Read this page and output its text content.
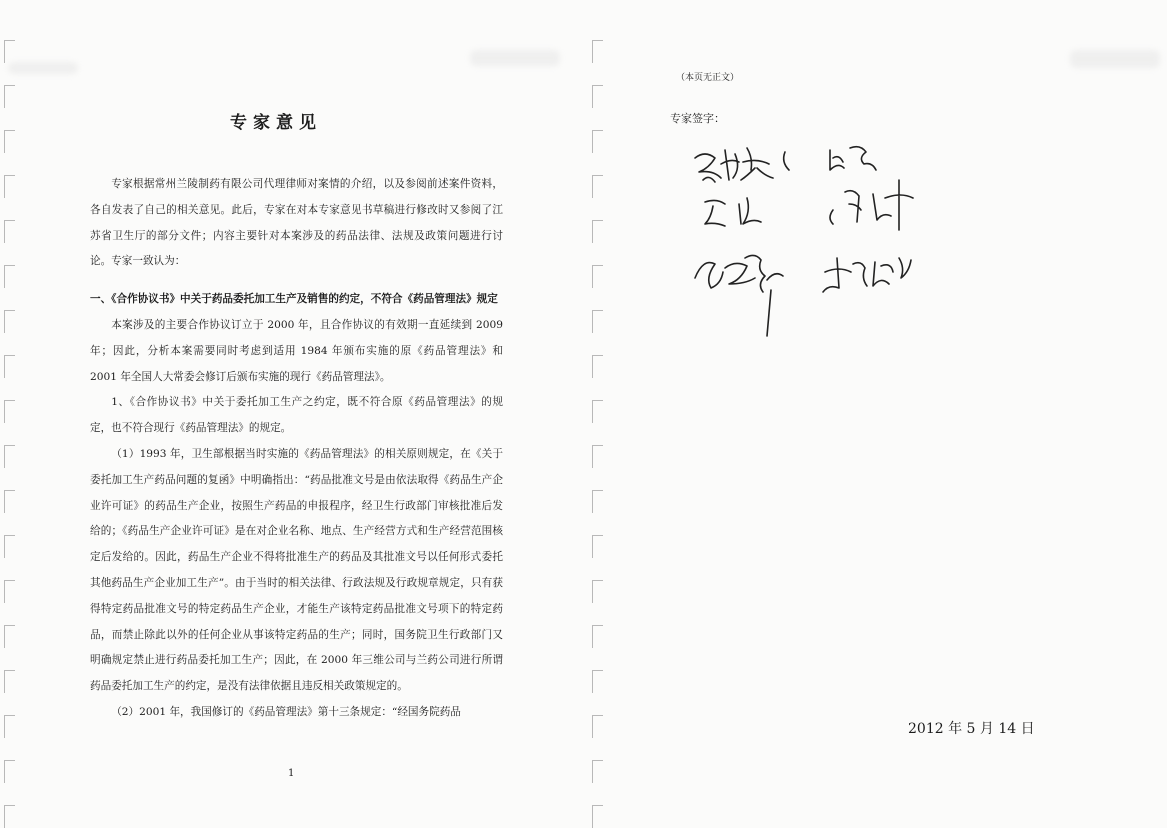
专家意见

专家根据常州兰陵制药有限公司代理律师对案情的介绍，以及参阅前述案件资料，各自发表了自己的相关意见。此后，专家在对本专家意见书草稿进行修改时又参阅了江苏省卫生厅的部分文件；内容主要针对本案涉及的药品法律、法规及政策问题进行讨论。专家一致认为：

一、《合作协议书》中关于药品委托加工生产及销售的约定，不符合《药品管理法》规定

本案涉及的主要合作协议订立于 2000 年，且合作协议的有效期一直延续到 2009 年；因此，分析本案需要同时考虑到适用 1984 年颁布实施的原《药品管理法》和 2001 年全国人大常委会修订后颁布实施的现行《药品管理法》。

1、《合作协议书》中关于委托加工生产之约定，既不符合原《药品管理法》的规定，也不符合现行《药品管理法》的规定。

（1）1993 年，卫生部根据当时实施的《药品管理法》的相关原则规定，在《关于委托加工生产药品问题的复函》中明确指出：“药品批准文号是由依法取得《药品生产企业许可证》的药品生产企业，按照生产药品的申报程序，经卫生行政部门审核批准后发给的；《药品生产企业许可证》是在对企业名称、地点、生产经营方式和生产经营范围核定后发给的。因此，药品生产企业不得将批准生产的药品及其批准文号以任何形式委托其他药品生产企业加工生产”。由于当时的相关法律、行政法规及行政规章规定，只有获得特定药品批准文号的特定药品生产企业，才能生产该特定药品批准文号项下的特定药品，而禁止除此以外的任何企业从事该特定药品的生产；同时，国务院卫生行政部门又明确规定禁止进行药品委托加工生产；因此，在 2000 年三维公司与兰药公司进行所谓药品委托加工生产的约定，是没有法律依据且违反相关政策规定的。

（2）2001 年，我国修订的《药品管理法》第十三条规定：“经国务院药品

1
（本页无正文）
专家签字：
2012 年 5 月 14 日
